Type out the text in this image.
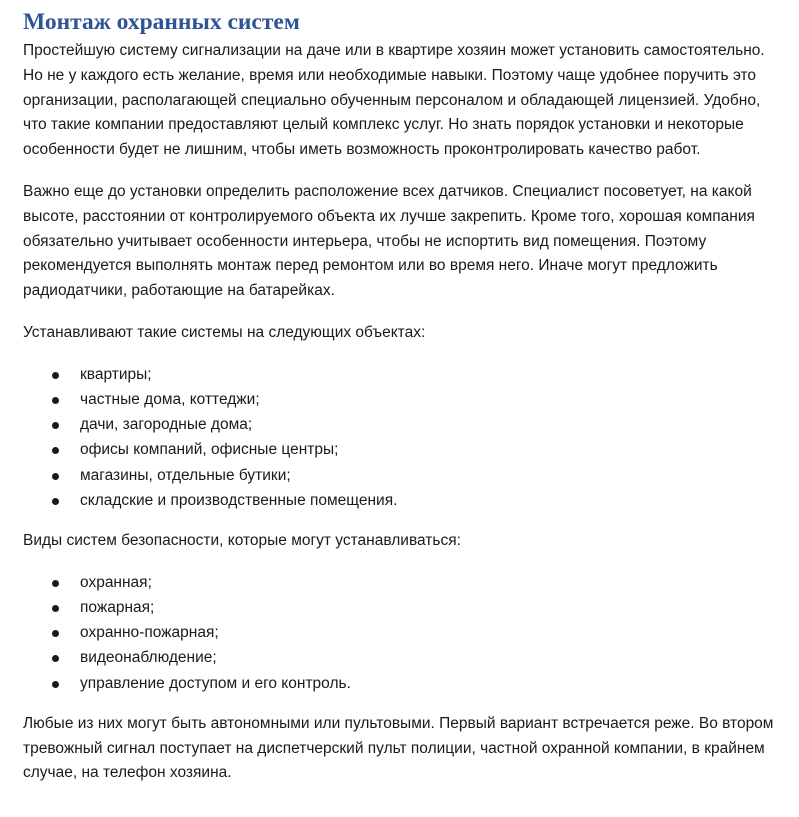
Монтаж охранных систем

Простейшую систему сигнализации на даче или в квартире хозяин может установить самостоятельно. Но не у каждого есть желание, время или необходимые навыки. Поэтому чаще удобнее поручить это организации, располагающей специально обученным персоналом и обладающей лицензией. Удобно, что такие компании предоставляют целый комплекс услуг. Но знать порядок установки и некоторые особенности будет не лишним, чтобы иметь возможность проконтролировать качество работ.

Важно еще до установки определить расположение всех датчиков. Специалист посоветует, на какой высоте, расстоянии от контролируемого объекта их лучше закрепить. Кроме того, хорошая компания обязательно учитывает особенности интерьера, чтобы не испортить вид помещения. Поэтому рекомендуется выполнять монтаж перед ремонтом или во время него. Иначе могут предложить радиодатчики, работающие на батарейках.

Устанавливают такие системы на следующих объектах:

квартиры;
частные дома, коттеджи;
дачи, загородные дома;
офисы компаний, офисные центры;
магазины, отдельные бутики;
складские и производственные помещения.

Виды систем безопасности, которые могут устанавливаться:

охранная;
пожарная;
охранно-пожарная;
видеонаблюдение;
управление доступом и его контроль.

Любые из них могут быть автономными или пультовыми. Первый вариант встречается реже. Во втором тревожный сигнал поступает на диспетчерский пульт полиции, частной охранной компании, в крайнем случае, на телефон хозяина.
